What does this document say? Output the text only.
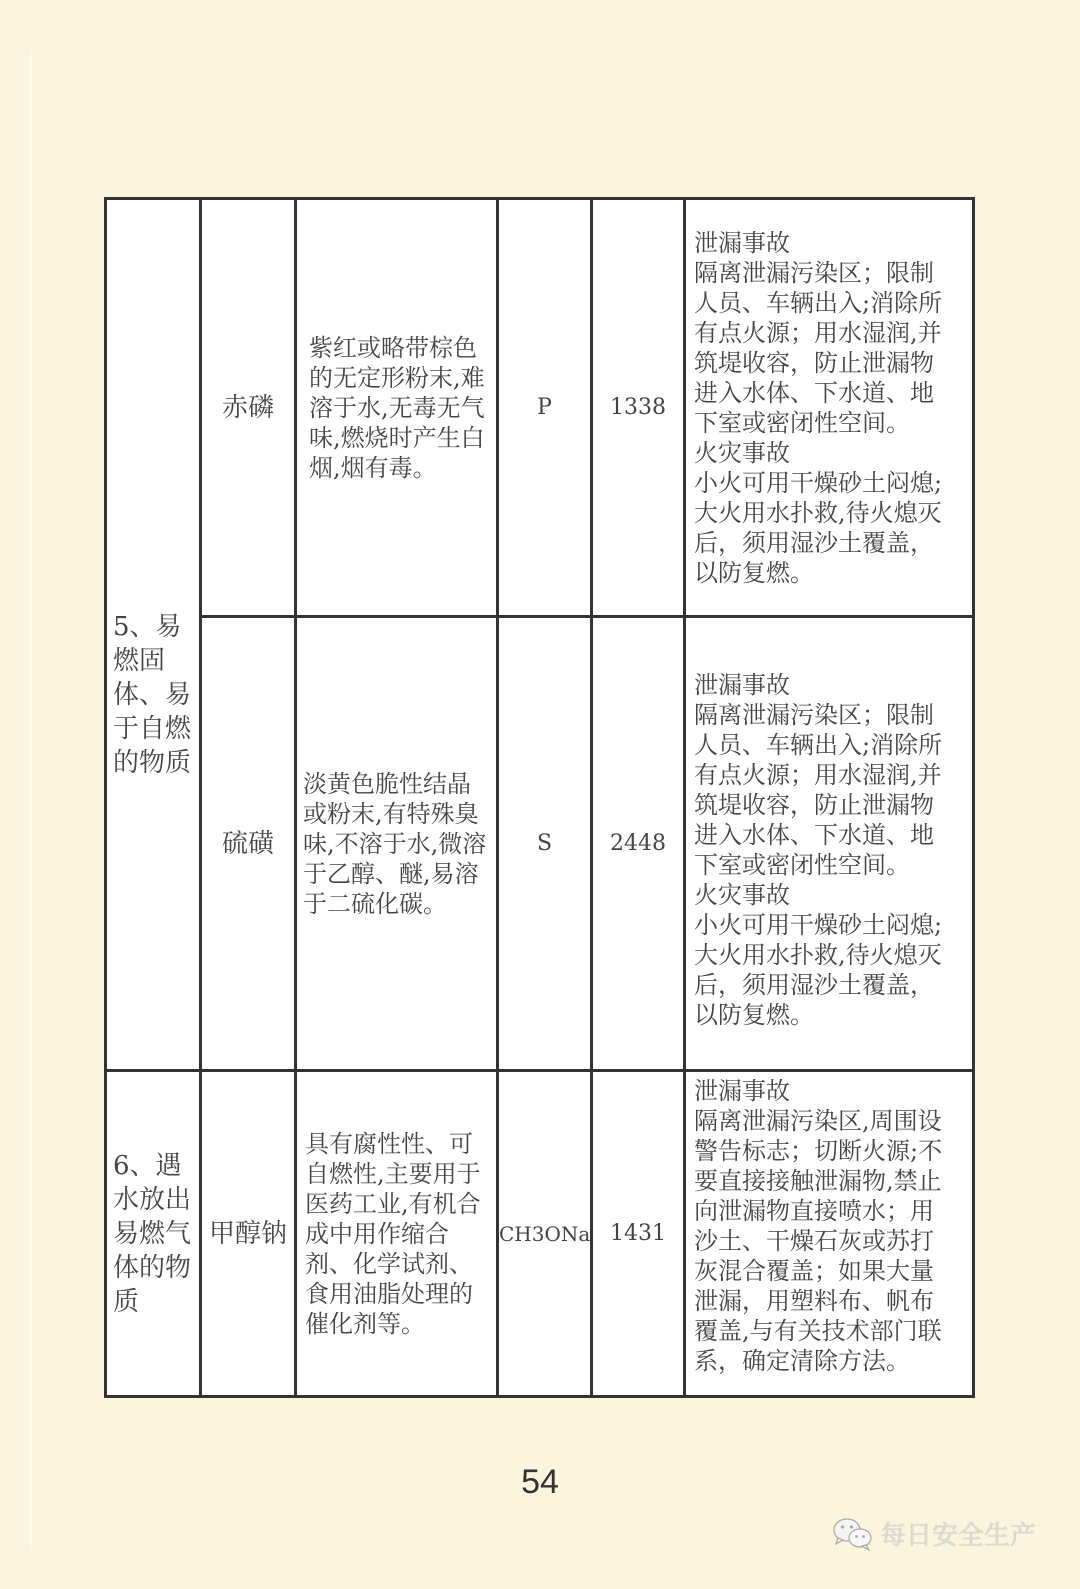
5、易燃固体、易于自燃的物质
	赤磷	紫红或略带棕色的无定形粉末,难溶于水,无毒无气味,燃烧时产生白烟,烟有毒。	P	1338	
泄漏事故
隔离泄漏污染区；限制
人员、车辆出入;消除所
有点火源；用水湿润,并
筑堤收容，防止泄漏物
进入水体、下水道、地
下室或密闭性空间。
火灾事故
小火可用干燥砂土闷熄;
大火用水扑救,待火熄灭
后，须用湿沙土覆盖，
以防复燃。

硫磺	淡黄色脆性结晶或粉末,有特殊臭味,不溶于水,微溶于乙醇、醚,易溶于二硫化碳。	S	2448	
泄漏事故
隔离泄漏污染区；限制
人员、车辆出入;消除所
有点火源；用水湿润,并
筑堤收容，防止泄漏物
进入水体、下水道、地
下室或密闭性空间。
火灾事故
小火可用干燥砂土闷熄;
大火用水扑救,待火熄灭
后，须用湿沙土覆盖，
以防复燃。

6、遇水放出易燃气体的物质
	甲醇钠	具有腐性性、可自燃性,主要用于医药工业,有机合成中用作缩合剂、化学试剂、食用油脂处理的催化剂等。	CH3ONa	1431	
泄漏事故
隔离泄漏污染区,周围设
警告标志；切断火源;不
要直接接触泄漏物,禁止
向泄漏物直接喷水；用
沙土、干燥石灰或苏打
灰混合覆盖；如果大量
泄漏，用塑料布、帆布
覆盖,与有关技术部门联
系，确定清除方法。
54
每日安全生产
